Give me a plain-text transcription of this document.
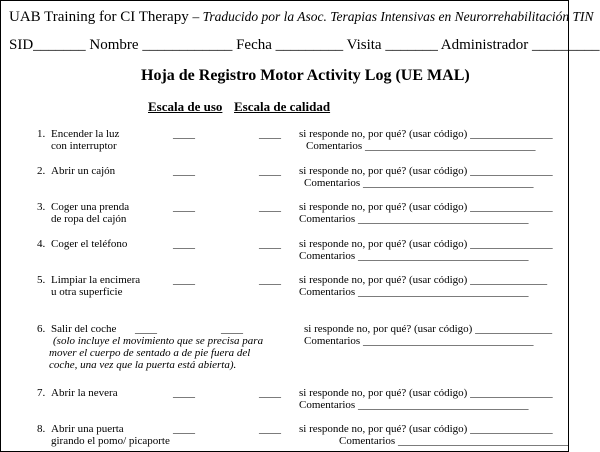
UAB Training for CI Therapy – Traducido por la Asoc. Terapias Intensivas en Neurorrehabilitación TIN
SID_______ Nombre ____________ Fecha _________ Visita _______ Administrador _________
Hoja de Registro Motor Activity Log (UE MAL)
Escala de uso Escala de calidad
1. Encender la luz
con interruptor
____	____ si responde no, por qué? (usar código) _______________
Comentarios _______________________________
2. Abrir un cajón	____	____ si responde no, por qué? (usar código) _______________
Comentarios _______________________________
3. Coger una prenda
de ropa del cajón
____	____ si responde no, por qué? (usar código) _______________
Comentarios _______________________________
4. Coger el teléfono	____	____ si responde no, por qué? (usar código) _______________
Comentarios _______________________________
5. Limpiar la encimera
u otra superficie
____	____ si responde no, por qué? (usar código) ______________
Comentarios _______________________________
6. Salir del coche ____	____
(solo incluye el movimiento que se precisa para
mover el cuerpo de sentado a de pie fuera del
coche, una vez que la puerta está abierta).
si responde no, por qué? (usar código) ______________
Comentarios _______________________________
7. Abrir la nevera	____	____ si responde no, por qué? (usar código) _______________
Comentarios _______________________________
8. Abrir una puerta
girando el pomo/ picaporte
____	____ si responde no, por qué? (usar código) _______________
Comentarios _______________________________
